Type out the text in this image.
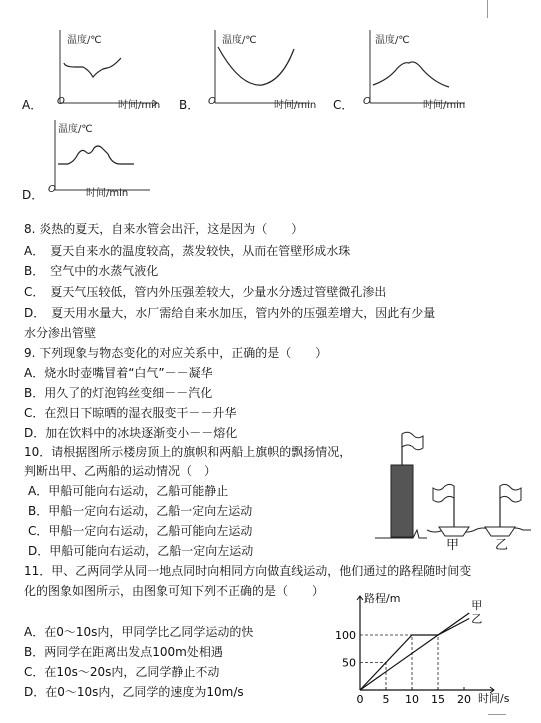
A．	B．	C．
D．
温度/℃
O	时间/min
温度/℃
O	时间/min
温度/℃
O	时间/min
温度/℃
O	时间/min
8. 炎热的夏天，自来水管会出汗，这是因为（　　）
A．　夏天自来水的温度较高，蒸发较快，从而在管壁形成水珠
B．　空气中的水蒸气液化
C．　夏天气压较低，管内外压强差较大，少量水分透过管壁微孔渗出
D．　夏天用水量大，水厂需给自来水加压，管内外的压强差增大，因此有少量
水分渗出管壁
9. 下列现象与物态变化的对应关系中，正确的是（　　）
A．烧水时壶嘴冒着“白气”－－凝华
B．用久了的灯泡钨丝变细－－汽化
C．在烈日下晾晒的湿衣服变干－－升华
D．加在饮料中的冰块逐渐变小－－熔化
10．请根据图所示楼房顶上的旗帜和两船上旗帜的飘扬情况，
判断出甲、乙两船的运动情况（　）
A．甲船可能向右运动，乙船可能静止
B．甲船一定向右运动，乙船一定向左运动
C．甲船一定向右运动，乙船可能向左运动
D．甲船可能向右运动，乙船一定向左运动	甲	乙
11．甲、乙两同学从同一地点同时向相同方向做直线运动，他们通过的路程随时间变
化的图象如图所示，由图象可知下列不正确的是（　　）
A．在0～10s内，甲同学比乙同学运动的快
B．两同学在距离出发点100m处相遇
C．在10s～20s内，乙同学静止不动
D．在0～10s内，乙同学的速度为10m/s
0 5 10 15 20
50
100
甲
乙
路程/m
时间/s
